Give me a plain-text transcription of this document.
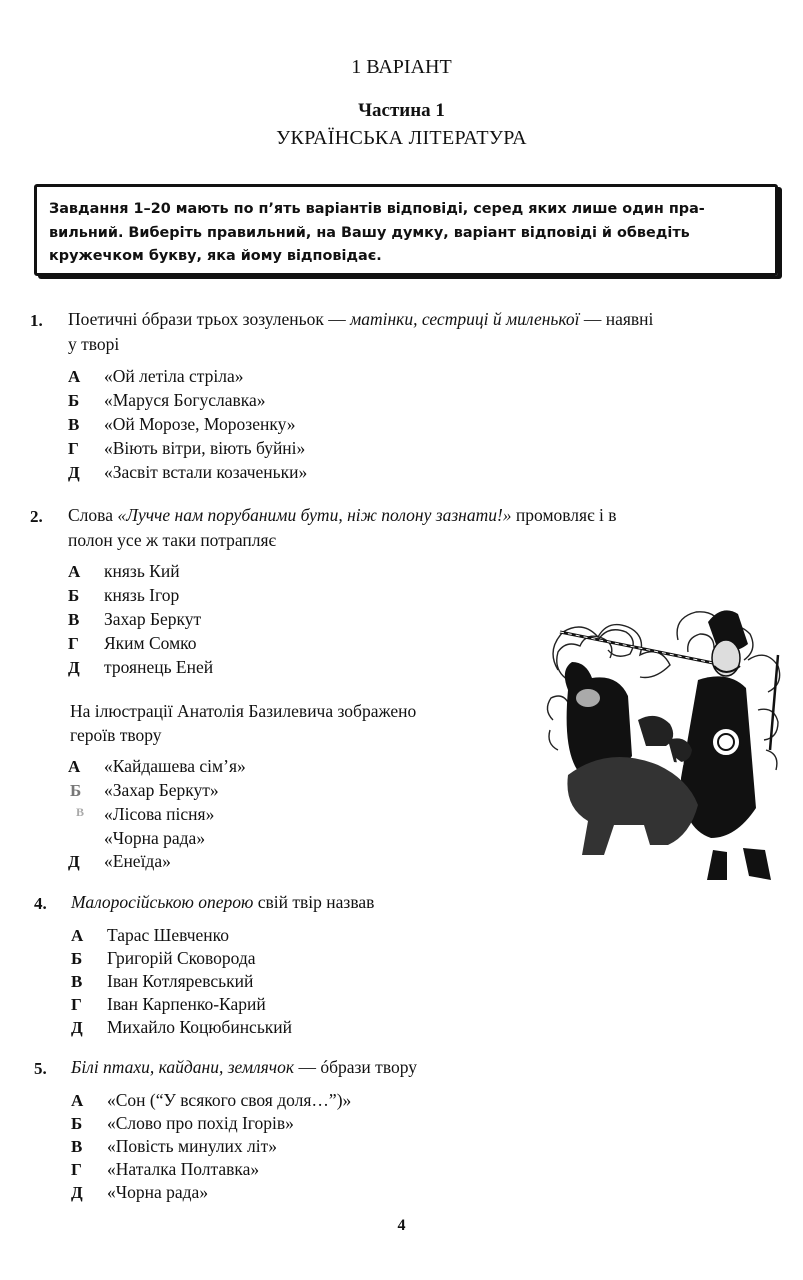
1 ВАРІАНТ
Частина 1
УКРАЇНСЬКА ЛІТЕРАТУРА
Завдання 1–20 мають по п’ять варіантів відповіді, серед яких лише один пра-
вильний. Виберіть правильний, на Вашу думку, варіант відповіді й обведіть
кружечком букву, яка йому відповідає.
1. Поетичні óбрази трьох зозуленьок — матінки, сестриці й миленької — наявні
у творі
А «Ой летіла стріла»
Б «Маруся Богуславка»
В «Ой Морозе, Морозенку»
Г «Віють вітри, віють буйні»
Д «Засвіт встали козаченьки»
2. Слова «Лучче нам порубаними бути, ніж полону зазнати!» промовляє і в
полон усе ж таки потрапляє
А князь Кий
Б князь Ігор
В Захар Беркут
Г Яким Сомко
Д троянець Еней
На ілюстрації Анатолія Базилевича зображено
героїв твору
А «Кайдашева сім’я»
Б «Захар Беркут»
В «Лісова пісня»
«Чорна рада»
Д «Енеїда»
4. Малоросійською оперою свій твір назвав
А Тарас Шевченко
Б Григорій Сковорода
В Іван Котляревський
Г Іван Карпенко-Карий
Д Михайло Коцюбинський
5. Білі птахи, кайдани, землячок — óбрази твору
А «Сон (“У всякого своя доля…”)»
Б «Слово про похід Ігорів»
В «Повість минулих літ»
Г «Наталка Полтавка»
Д «Чорна рада»
4
